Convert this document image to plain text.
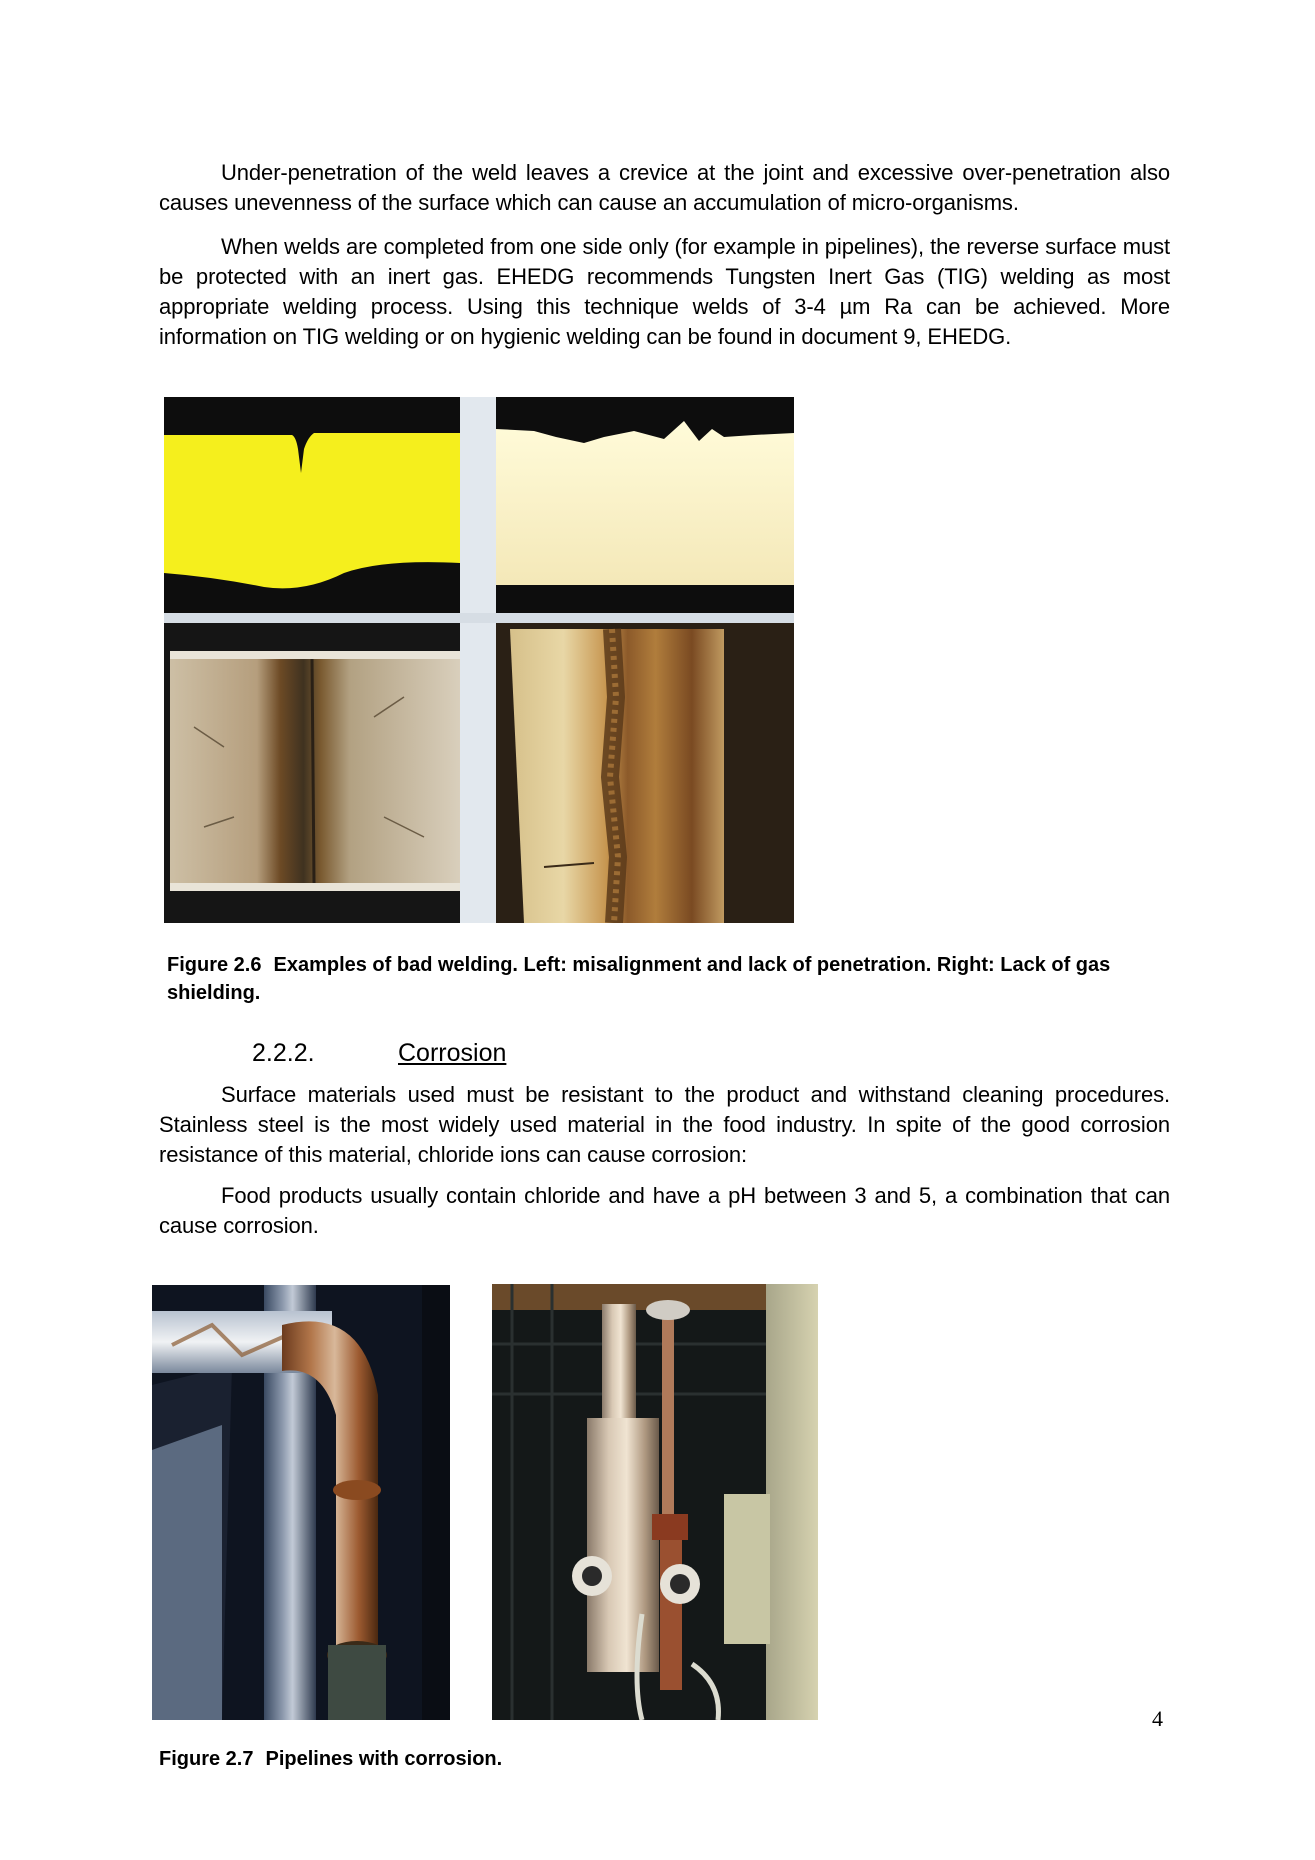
Under-penetration of the weld leaves a crevice at the joint and excessive over-penetration also causes unevenness of the surface which can cause an accumulation of micro-organisms.

When welds are completed from one side only (for example in pipelines), the reverse surface must be protected with an inert gas. EHEDG recommends Tungsten Inert Gas (TIG) welding as most appropriate welding process. Using this technique welds of 3-4 µm Ra can be achieved. More information on TIG welding or on hygienic welding can be found in document 9, EHEDG.

Figure 2.6 Examples of bad welding. Left: misalignment and lack of penetration. Right: Lack of gas shielding.

2.2.2.	Corrosion

Surface materials used must be resistant to the product and withstand cleaning procedures. Stainless steel is the most widely used material in the food industry. In spite of the good corrosion resistance of this material, chloride ions can cause corrosion:

Food products usually contain chloride and have a pH between 3 and 5, a combination that can cause corrosion.

4

Figure 2.7 Pipelines with corrosion.
